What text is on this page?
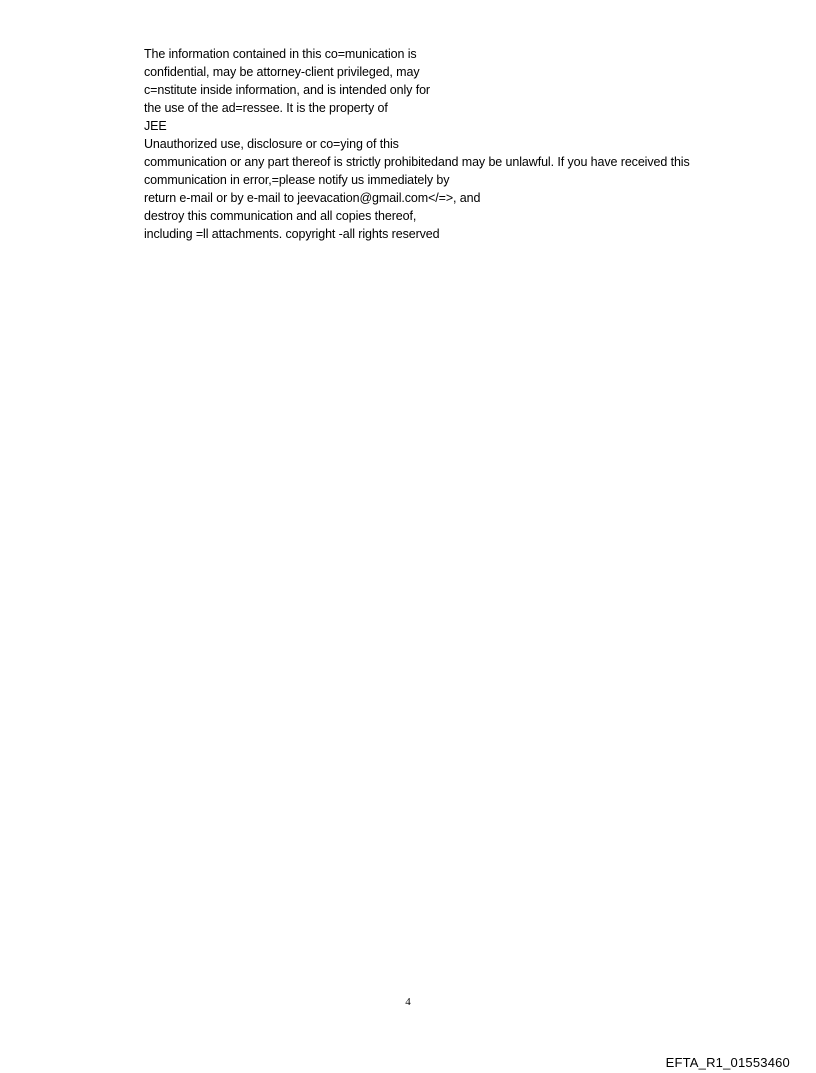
The information contained in this co=munication is
confidential, may be attorney-client privileged, may
c=nstitute inside information, and is intended only for
the use of the ad=ressee. It is the property of
JEE
Unauthorized use, disclosure or co=ying of this
communication or any part thereof is strictly prohibitedand may be unlawful. If you have received this
communication in error,=please notify us immediately by
return e-mail or by e-mail to jeevacation@gmail.com</=>, and
destroy this communication and all copies thereof,
including =ll attachments. copyright -all rights reserved
4
EFTA_R1_01553460
